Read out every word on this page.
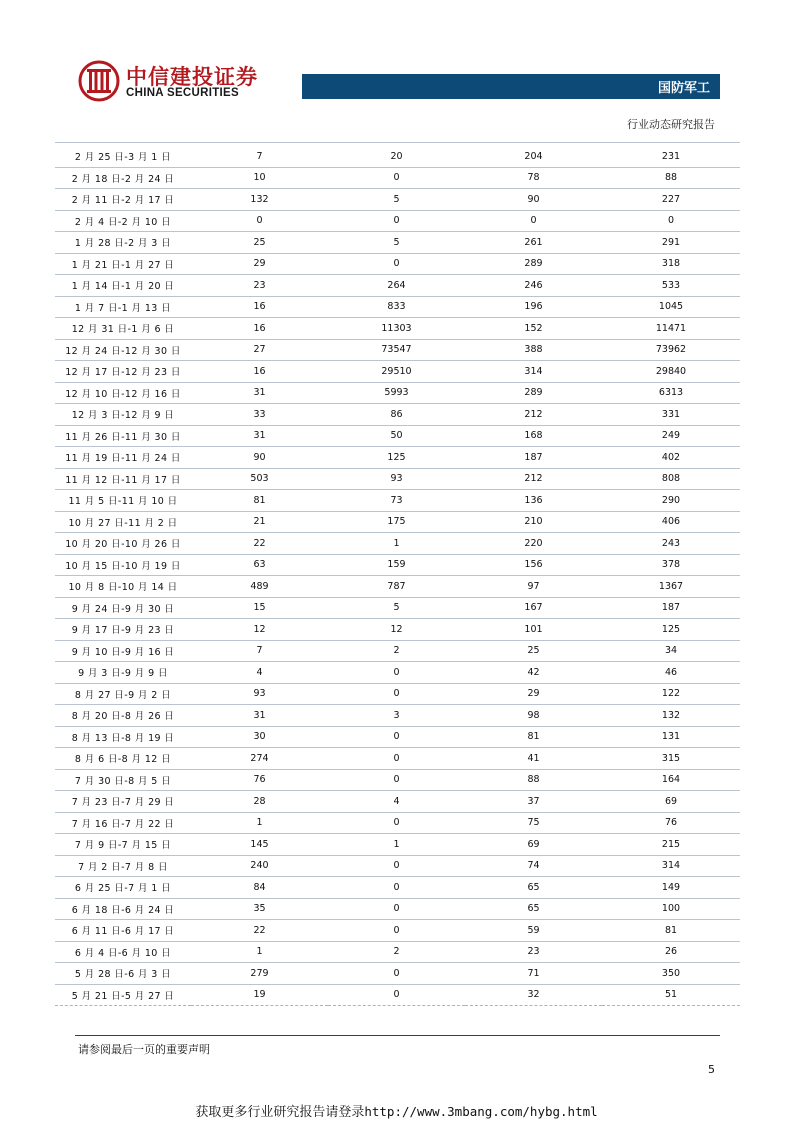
中信建投证券
CHINA SECURITIES	国防军工
行业动态研究报告
2 月 25 日-3 月 1 日	7	20	204	231
2 月 18 日-2 月 24 日	10	0	78	88
2 月 11 日-2 月 17 日	132	5	90	227
2 月 4 日-2 月 10 日	0	0	0	0
1 月 28 日-2 月 3 日	25	5	261	291
1 月 21 日-1 月 27 日	29	0	289	318
1 月 14 日-1 月 20 日	23	264	246	533
1 月 7 日-1 月 13 日	16	833	196	1045
12 月 31 日-1 月 6 日	16	11303	152	11471
12 月 24 日-12 月 30 日	27	73547	388	73962
12 月 17 日-12 月 23 日	16	29510	314	29840
12 月 10 日-12 月 16 日	31	5993	289	6313
12 月 3 日-12 月 9 日	33	86	212	331
11 月 26 日-11 月 30 日	31	50	168	249
11 月 19 日-11 月 24 日	90	125	187	402
11 月 12 日-11 月 17 日	503	93	212	808
11 月 5 日-11 月 10 日	81	73	136	290
10 月 27 日-11 月 2 日	21	175	210	406
10 月 20 日-10 月 26 日	22	1	220	243
10 月 15 日-10 月 19 日	63	159	156	378
10 月 8 日-10 月 14 日	489	787	97	1367
9 月 24 日-9 月 30 日	15	5	167	187
9 月 17 日-9 月 23 日	12	12	101	125
9 月 10 日-9 月 16 日	7	2	25	34
9 月 3 日-9 月 9 日	4	0	42	46
8 月 27 日-9 月 2 日	93	0	29	122
8 月 20 日-8 月 26 日	31	3	98	132
8 月 13 日-8 月 19 日	30	0	81	131
8 月 6 日-8 月 12 日	274	0	41	315
7 月 30 日-8 月 5 日	76	0	88	164
7 月 23 日-7 月 29 日	28	4	37	69
7 月 16 日-7 月 22 日	1	0	75	76
7 月 9 日-7 月 15 日	145	1	69	215
7 月 2 日-7 月 8 日	240	0	74	314
6 月 25 日-7 月 1 日	84	0	65	149
6 月 18 日-6 月 24 日	35	0	65	100
6 月 11 日-6 月 17 日	22	0	59	81
6 月 4 日-6 月 10 日	1	2	23	26
5 月 28 日-6 月 3 日	279	0	71	350
5 月 21 日-5 月 27 日	19	0	32	51
请参阅最后一页的重要声明
5
获取更多行业研究报告请登录http://www.3mbang.com/hybg.html
